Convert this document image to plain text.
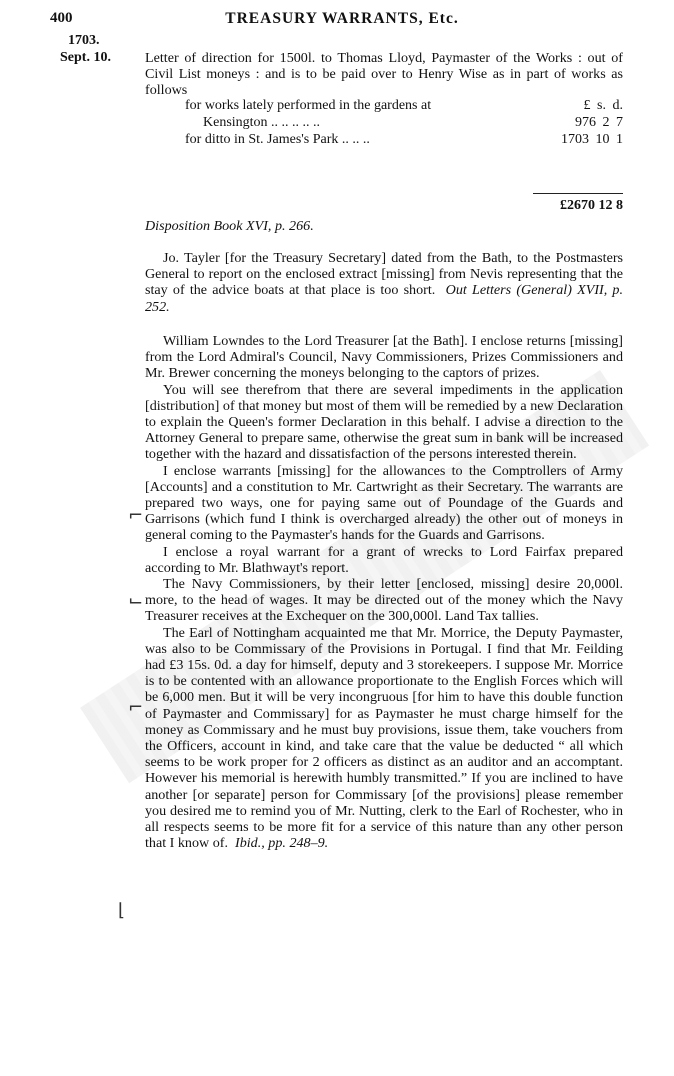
400	TREASURY WARRANTS, Etc.
1703.
Sept. 10. Letter of direction for 1500l. to Thomas Lloyd, Paymaster of the Works : out of Civil List moneys : and is to be paid over to Henry Wise as in part of works as follows
for works lately performed in the gardens at	£ s. d.
Kensington .. .. .. .. ..	976 2 7
for ditto in St. James's Park .. .. ..	1703 10 1
£2670 12 8
Disposition Book XVI, p. 266.

Jo. Tayler [for the Treasury Secretary] dated from the Bath, to the Postmasters General to report on the enclosed extract [missing] from Nevis representing that the stay of the advice boats at that place is too short. Out Letters (General) XVII, p. 252.

William Lowndes to the Lord Treasurer [at the Bath]. I enclose returns [missing] from the Lord Admiral's Council, Navy Commissioners, Prizes Commissioners and Mr. Brewer concerning the moneys belonging to the captors of prizes.

You will see therefrom that there are several impediments in the application [distribution] of that money but most of them will be remedied by a new Declaration to explain the Queen's former Declaration in this behalf. I advise a direction to the Attorney General to prepare same, otherwise the great sum in bank will be increased together with the hazard and dissatisfaction of the persons interested therein.

I enclose warrants [missing] for the allowances to the Comptrollers of Army [Accounts] and a constitution to Mr. Cartwright as their Secretary. The warrants are prepared two ways, one for paying same out of Poundage of the Guards and Garrisons (which fund I think is overcharged already) the other out of moneys in general coming to the Paymaster's hands for the Guards and Garrisons.

I enclose a royal warrant for a grant of wrecks to Lord Fairfax prepared according to Mr. Blathwayt's report.

The Navy Commissioners, by their letter [enclosed, missing] desire 20,000l. more, to the head of wages. It may be directed out of the money which the Navy Treasurer receives at the Exchequer on the 300,000l. Land Tax tallies.

The Earl of Nottingham acquainted me that Mr. Morrice, the Deputy Paymaster, was also to be Commissary of the Provisions in Portugal. I find that Mr. Feilding had £3 15s. 0d. a day for himself, deputy and 3 storekeepers. I suppose Mr. Morrice is to be contented with an allowance proportionate to the English Forces which will be 6,000 men. But it will be very incongruous [for him to have this double function of Paymaster and Commissary] for as Paymaster he must charge himself for the money as Commissary and he must buy provisions, issue them, take vouchers from the Officers, account in kind, and take care that the value be deducted “ all which seems to be work proper for 2 officers as distinct as an auditor and an accomptant. However his memorial is herewith humbly transmitted.” If you are inclined to have another [or separate] person for Commissary [of the provisions] please remember you desired me to remind you of Mr. Nutting, clerk to the Earl of Rochester, who in all respects seems to be more fit for a service of this nature than any other person that I know of. Ibid., pp. 248–9.

⌐
⌙
⌐
⌊
